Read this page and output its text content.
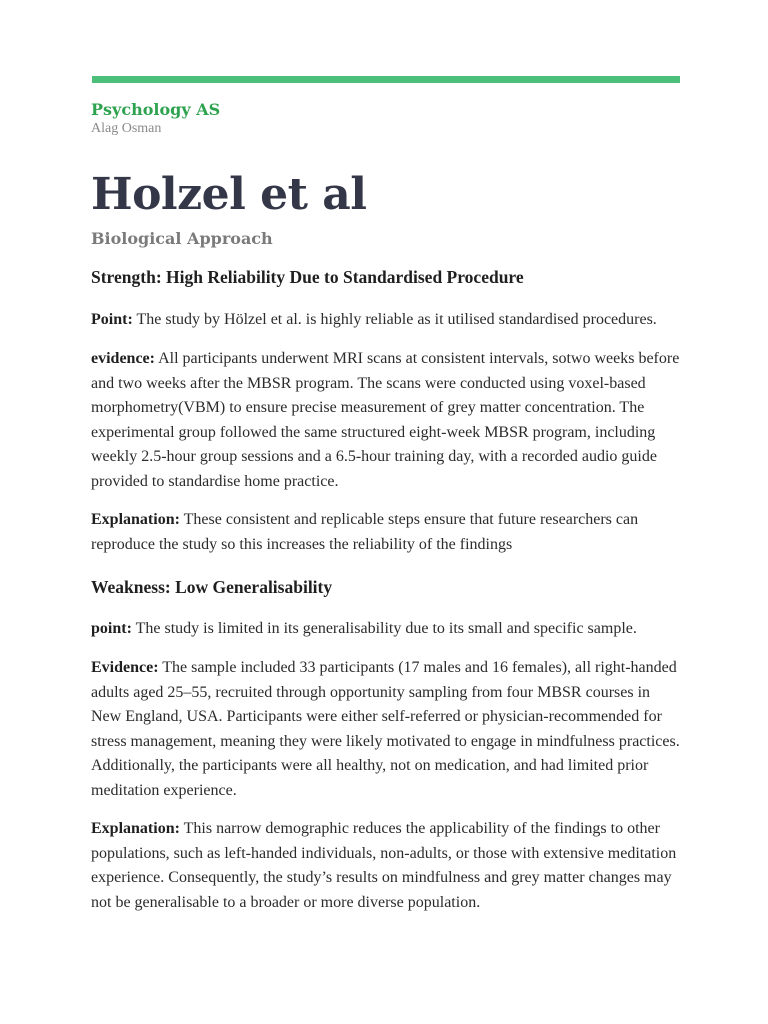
Psychology AS
Alag Osman
Holzel et al
Biological Approach
Strength: High Reliability Due to Standardised Procedure
Point: The study by Hölzel et al. is highly reliable as it utilised standardised procedures.
evidence: All participants underwent MRI scans at consistent intervals, sotwo weeks before and two weeks after the MBSR program. The scans were conducted using voxel-based morphometry(VBM) to ensure precise measurement of grey matter concentration. The experimental group followed the same structured eight-week MBSR program, including weekly 2.5-hour group sessions and a 6.5-hour training day, with a recorded audio guide provided to standardise home practice.
Explanation: These consistent and replicable steps ensure that future researchers can reproduce the study so this increases the reliability of the findings
Weakness: Low Generalisability
point: The study is limited in its generalisability due to its small and specific sample.
Evidence: The sample included 33 participants (17 males and 16 females), all right-handed adults aged 25–55, recruited through opportunity sampling from four MBSR courses in New England, USA. Participants were either self-referred or physician-recommended for stress management, meaning they were likely motivated to engage in mindfulness practices. Additionally, the participants were all healthy, not on medication, and had limited prior meditation experience.
Explanation: This narrow demographic reduces the applicability of the findings to other populations, such as left-handed individuals, non-adults, or those with extensive meditation experience. Consequently, the study’s results on mindfulness and grey matter changes may not be generalisable to a broader or more diverse population.
